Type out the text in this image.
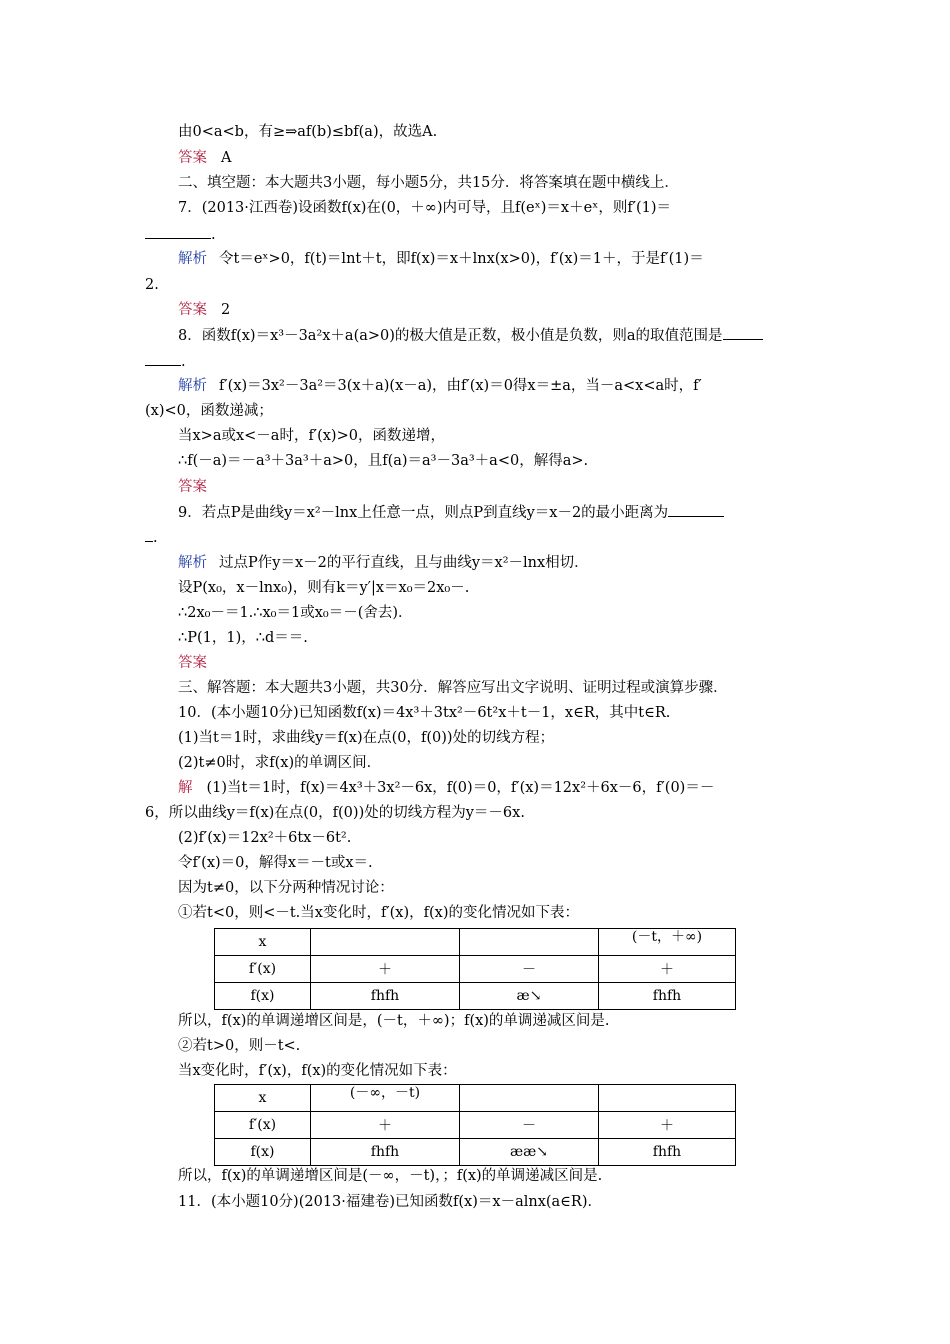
由0<a<b，有≥⇒af(b)≤bf(a)，故选A.
答案 A
二、填空题：本大题共3小题，每小题5分，共15分．将答案填在题中横线上．
7．(2013·江西卷)设函数f(x)在(0，＋∞)内可导，且f(eˣ)＝x＋eˣ，则f′(1)＝
.
解析 令t＝eˣ>0，f(t)＝lnt＋t，即f(x)＝x＋lnx(x>0)，f′(x)＝1＋，于是f′(1)＝
2.
答案 2
8．函数f(x)＝x³－3a²x＋a(a>0)的极大值是正数，极小值是负数，则a的取值范围是
.
解析 f′(x)＝3x²－3a²＝3(x＋a)(x－a)，由f′(x)＝0得x＝±a，当－a<x<a时，f′
(x)<0，函数递减；
当x>a或x<－a时，f′(x)>0，函数递增，
∴f(－a)＝－a³＋3a³＋a>0，且f(a)＝a³－3a³＋a<0，解得a>.
答案
9．若点P是曲线y＝x²－lnx上任意一点，则点P到直线y＝x－2的最小距离为
.
解析 过点P作y＝x－2的平行直线，且与曲线y＝x²－lnx相切．
设P(x₀，x－lnx₀)，则有k＝y′|x＝x₀＝2x₀－.
∴2x₀－＝1.∴x₀＝1或x₀＝－(舍去)．
∴P(1，1)，∴d＝＝.
答案
三、解答题：本大题共3小题，共30分．解答应写出文字说明、证明过程或演算步骤．
10．(本小题10分)已知函数f(x)＝4x³＋3tx²－6t²x＋t－1，x∈R，其中t∈R.
(1)当t＝1时，求曲线y＝f(x)在点(0，f(0))处的切线方程；
(2)t≠0时，求f(x)的单调区间．
解 (1)当t＝1时，f(x)＝4x³＋3x²－6x，f(0)＝0，f′(x)＝12x²＋6x－6，f′(0)＝－
6，所以曲线y＝f(x)在点(0，f(0))处的切线方程为y＝－6x.
(2)f′(x)＝12x²＋6tx－6t².
令f′(x)＝0，解得x＝－t或x＝.
因为t≠0，以下分两种情况讨论：
①若t<0，则<－t.当x变化时，f′(x)，f(x)的变化情况如下表：
x			(－t，＋∞)
f′(x)	＋	－	＋
f(x)	fhfh	æ↘	fhfh
所以，f(x)的单调递增区间是，(－t，＋∞)；f(x)的单调递减区间是.
②若t>0，则－t<.
当x变化时，f′(x)，f(x)的变化情况如下表：
x	(－∞，－t)		
f′(x)	＋	－	＋
f(x)	fhfh	ææ↘	fhfh
所以，f(x)的单调递增区间是(－∞，－t)，；f(x)的单调递减区间是.
11．(本小题10分)(2013·福建卷)已知函数f(x)＝x－alnx(a∈R)．
